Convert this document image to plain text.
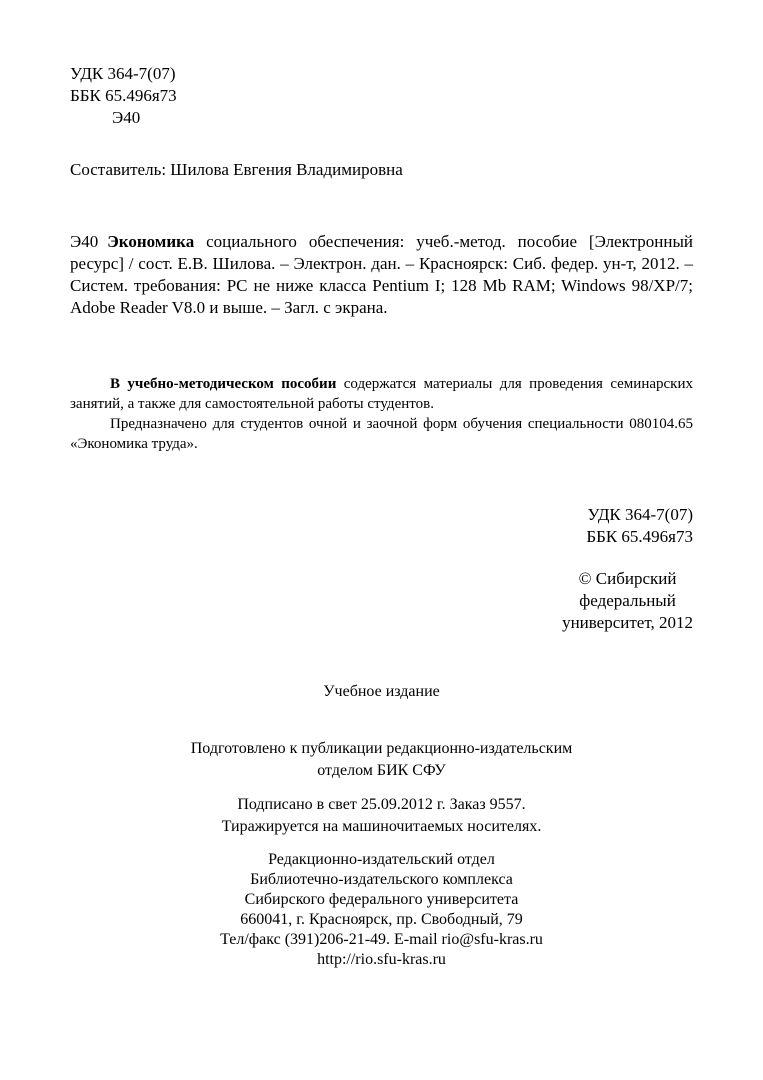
УДК 364-7(07)
ББК 65.496я73
Э40
Составитель: Шилова Евгения Владимировна

Э40 Экономика социального обеспечения: учеб.-метод. пособие [Электронный ресурс] / сост. Е.В. Шилова. – Электрон. дан. – Красноярск: Сиб. федер. ун-т, 2012. – Систем. требования: PC не ниже класса Pentium I; 128 Mb RAM; Windows 98/ХР/7; Adobe Reader V8.0 и выше. – Загл. с экрана.

В учебно-методическом пособии содержатся материалы для проведения семинарских занятий, а также для самостоятельной работы студентов.

Предназначено для студентов очной и заочной форм обучения специальности 080104.65 «Экономика труда».

УДК 364-7(07)
ББК 65.496я73
© Сибирский
федеральный
университет, 2012
Учебное издание
Подготовлено к публикации редакционно-издательским
отделом БИК СФУ
Подписано в свет 25.09.2012 г. Заказ 9557.
Тиражируется на машиночитаемых носителях.
Редакционно-издательский отдел
Библиотечно-издательского комплекса
Сибирского федерального университета
660041, г. Красноярск, пр. Свободный, 79
Тел/факс (391)206-21-49. E-mail rio@sfu-kras.ru
http://rio.sfu-kras.ru
